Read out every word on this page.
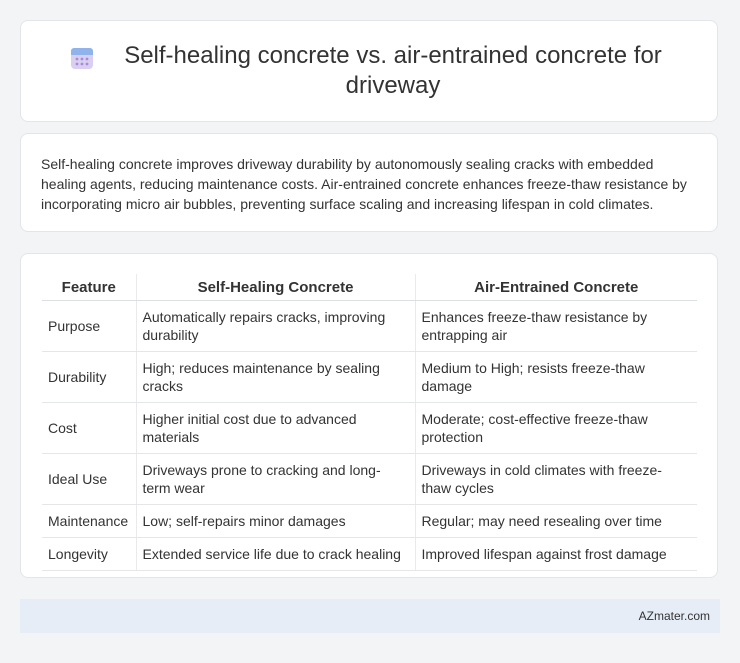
Self-healing concrete vs. air-entrained concrete for driveway

Self-healing concrete improves driveway durability by autonomously sealing cracks with embedded healing agents, reducing maintenance costs. Air-entrained concrete enhances freeze-thaw resistance by incorporating micro air bubbles, preventing surface scaling and increasing lifespan in cold climates.

Feature	Self-Healing Concrete	Air-Entrained Concrete
Purpose	Automatically repairs cracks, improving durability	Enhances freeze-thaw resistance by entrapping air
Durability	High; reduces maintenance by sealing cracks	Medium to High; resists freeze-thaw damage
Cost	Higher initial cost due to advanced materials	Moderate; cost-effective freeze-thaw protection
Ideal Use	Driveways prone to cracking and long-term wear	Driveways in cold climates with freeze-thaw cycles
Maintenance	Low; self-repairs minor damages	Regular; may need resealing over time
Longevity	Extended service life due to crack healing	Improved lifespan against frost damage
AZmater.com
